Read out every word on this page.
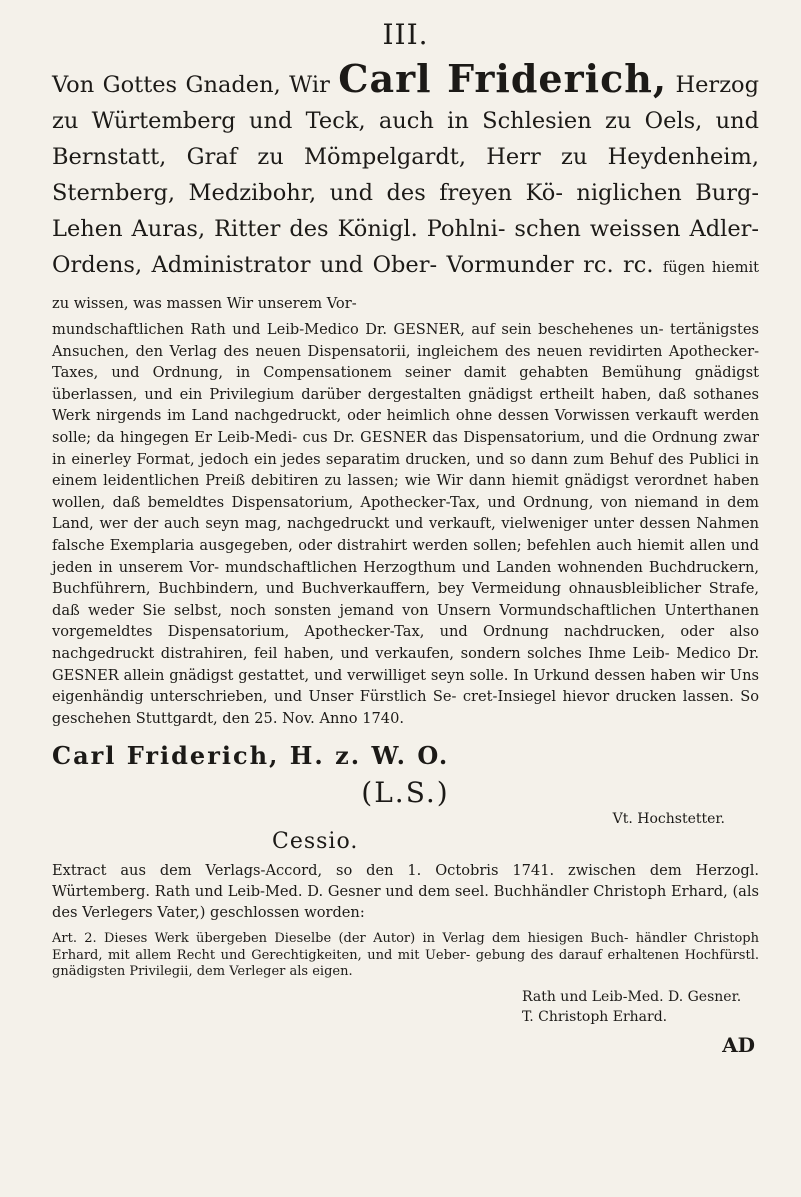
III.

Von Gottes Gnaden, Wir Carl Friderich, Herzog zu Würtemberg und Teck, auch in Schlesien zu Oels, und Bernstatt, Graf zu Mömpelgardt, Herr zu Heydenheim, Sternberg, Medzibohr, und des freyen Kö- niglichen Burg-Lehen Auras, Ritter des Königl. Pohlni- schen weissen Adler-Ordens, Administrator und Ober- Vormunder rc. rc. fügen hiemit zu wissen, was massen Wir unserem Vor-

mundschaftlichen Rath und Leib-Medico Dr. GESNER, auf sein beschehenes un- tertänigstes Ansuchen, den Verlag des neuen Dispensatorii, ingleichem des neuen revidirten Apothecker-Taxes, und Ordnung, in Compensationem seiner damit gehabten Bemühung gnädigst überlassen, und ein Privilegium darüber dergestalten gnädigst ertheilt haben, daß sothanes Werk nirgends im Land nachgedruckt, oder heimlich ohne dessen Vorwissen verkauft werden solle; da hingegen Er Leib-Medi- cus Dr. GESNER das Dispensatorium, und die Ordnung zwar in einerley Format, jedoch ein jedes separatim drucken, und so dann zum Behuf des Publici in einem leidentlichen Preiß debitiren zu lassen; wie Wir dann hiemit gnädigst verordnet haben wollen, daß bemeldtes Dispensatorium, Apothecker-Tax, und Ordnung, von niemand in dem Land, wer der auch seyn mag, nachgedruckt und verkauft, vielweniger unter dessen Nahmen falsche Exemplaria ausgegeben, oder distrahirt werden sollen; befehlen auch hiemit allen und jeden in unserem Vor- mundschaftlichen Herzogthum und Landen wohnenden Buchdruckern, Buchführern, Buchbindern, und Buchverkauffern, bey Vermeidung ohnausbleiblicher Strafe, daß weder Sie selbst, noch sonsten jemand von Unsern Vormundschaftlichen Unterthanen vorgemeldtes Dispensatorium, Apothecker-Tax, und Ordnung nachdrucken, oder also nachgedruckt distrahiren, feil haben, und verkaufen, sondern solches Ihme Leib- Medico Dr. GESNER allein gnädigst gestattet, und verwilliget seyn solle. In Urkund dessen haben wir Uns eigenhändig unterschrieben, und Unser Fürstlich Se- cret-Insiegel hievor drucken lassen. So geschehen Stuttgardt, den 25. Nov. Anno 1740.

Carl Friderich, H. z. W. O.
(L.S.)
Vt. Hochstetter.
Cessio.

Extract aus dem Verlags-Accord, so den 1. Octobris 1741. zwischen dem Herzogl. Würtemberg. Rath und Leib-Med. D. Gesner und dem seel. Buchhändler Christoph Erhard, (als des Verlegers Vater,) geschlossen worden:

Art. 2. Dieses Werk übergeben Dieselbe (der Autor) in Verlag dem hiesigen Buch- händler Christoph Erhard, mit allem Recht und Gerechtigkeiten, und mit Ueber- gebung des darauf erhaltenen Hochfürstl. gnädigsten Privilegii, dem Verleger als eigen.

Rath und Leib-Med. D. Gesner.
T. Christoph Erhard.
AD
